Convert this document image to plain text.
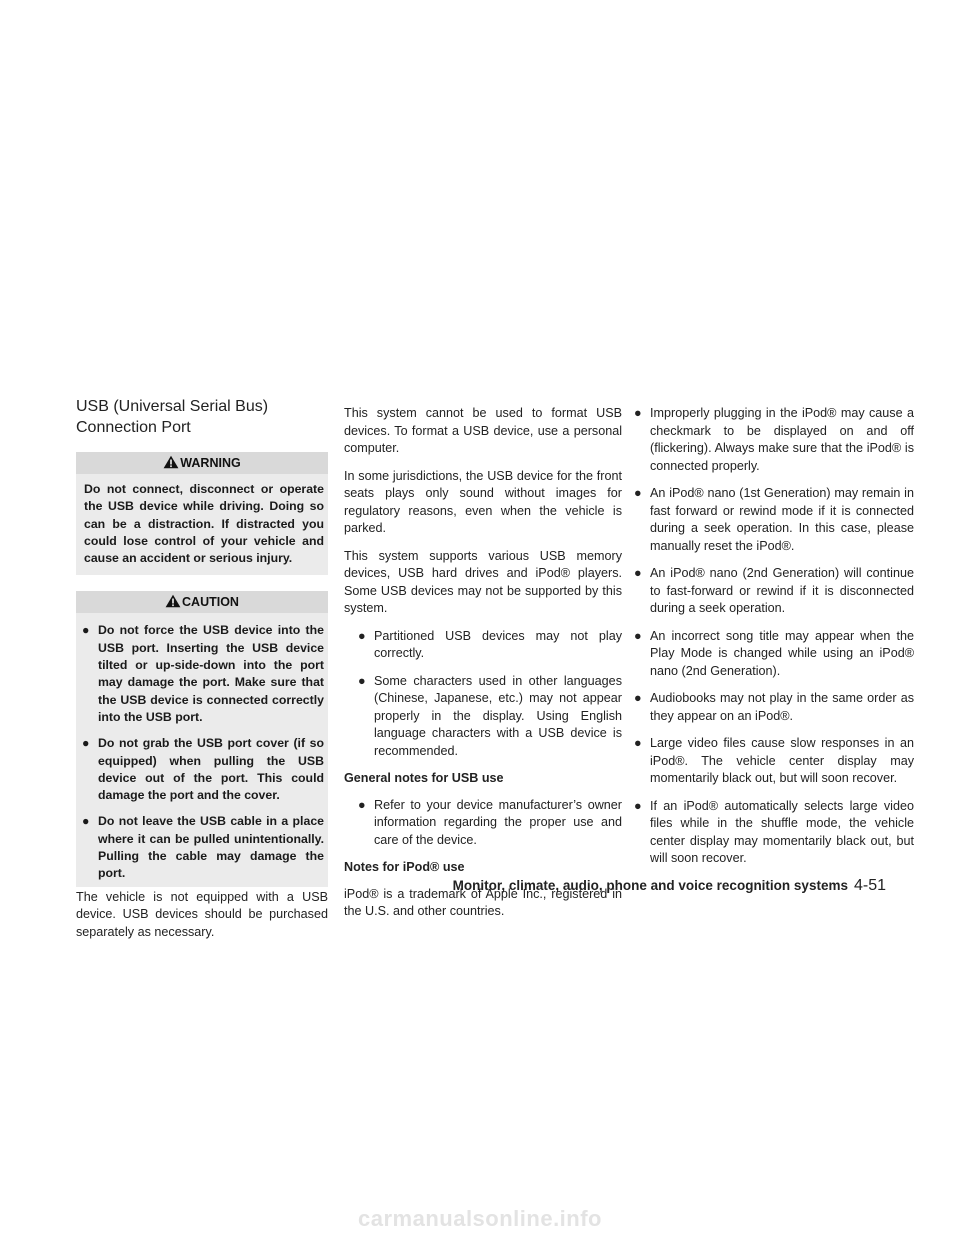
USB (Universal Serial Bus)
Connection Port
WARNING
Do not connect, disconnect or operate the USB device while driving. Doing so can be a distraction. If distracted you could lose control of your vehicle and cause an accident or serious injury.
CAUTION
● Do not force the USB device into the USB port. Inserting the USB device tilted or up-side-down into the port may damage the port. Make sure that the USB device is connected correctly into the USB port.
● Do not grab the USB port cover (if so equipped) when pulling the USB device out of the port. This could damage the port and the cover.
● Do not leave the USB cable in a place where it can be pulled unintentionally. Pulling the cable may damage the port.

The vehicle is not equipped with a USB device. USB devices should be purchased separately as necessary.

This system cannot be used to format USB devices. To format a USB device, use a personal computer.

In some jurisdictions, the USB device for the front seats plays only sound without images for regulatory reasons, even when the vehicle is parked.

This system supports various USB memory devices, USB hard drives and iPod® players. Some USB devices may not be supported by this system.

● Partitioned USB devices may not play correctly.
● Some characters used in other languages (Chinese, Japanese, etc.) may not appear properly in the display. Using English language characters with a USB device is recommended.
General notes for USB use
● Refer to your device manufacturer’s owner information regarding the proper use and care of the device.
Notes for iPod® use

iPod® is a trademark of Apple Inc., registered in the U.S. and other countries.

● Improperly plugging in the iPod® may cause a checkmark to be displayed on and off (flickering). Always make sure that the iPod® is connected properly.
● An iPod® nano (1st Generation) may remain in fast forward or rewind mode if it is connected during a seek operation. In this case, please manually reset the iPod®.
● An iPod® nano (2nd Generation) will continue to fast-forward or rewind if it is disconnected during a seek operation.
● An incorrect song title may appear when the Play Mode is changed while using an iPod® nano (2nd Generation).
● Audiobooks may not play in the same order as they appear on an iPod®.
● Large video files cause slow responses in an iPod®. The vehicle center display may momentarily black out, but will soon recover.
● If an iPod® automatically selects large video files while in the shuffle mode, the vehicle center display may momentarily black out, but will soon recover.
Monitor, climate, audio, phone and voice recognition systems 4-51
carmanualsonline.info
